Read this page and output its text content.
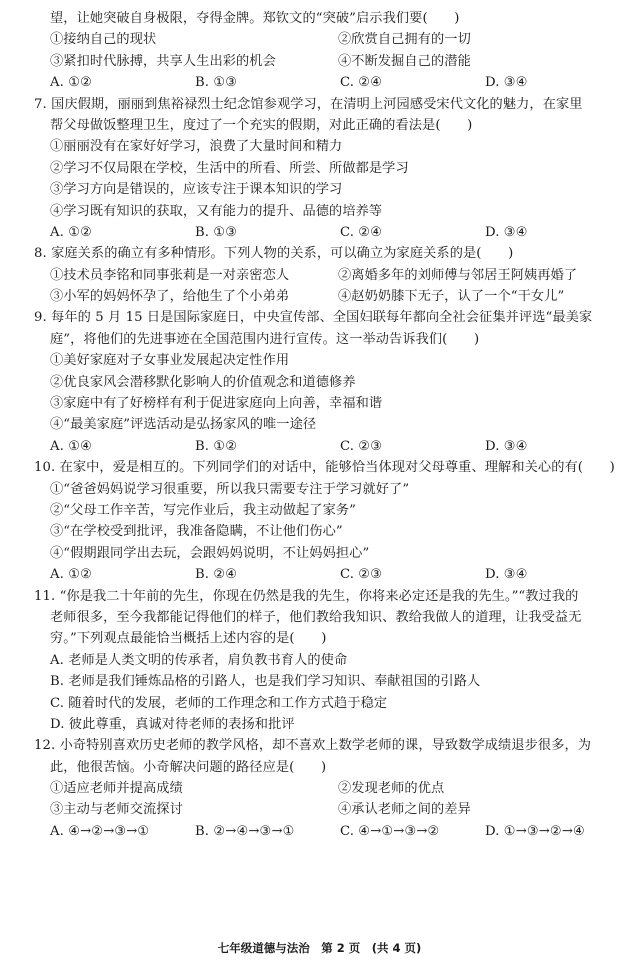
望，让她突破自身极限，夺得金牌。郑钦文的“突破”启示我们要(　　)
①接纳自己的现状	②欣赏自己拥有的一切
③紧扣时代脉搏，共享人生出彩的机会	④不断发掘自己的潜能
A. ①②	B. ①③	C. ②④	D. ③④
7. 国庆假期，丽丽到焦裕禄烈士纪念馆参观学习，在清明上河园感受宋代文化的魅力，在家里
帮父母做饭整理卫生，度过了一个充实的假期，对此正确的看法是(　　)
①丽丽没有在家好好学习，浪费了大量时间和精力
②学习不仅局限在学校，生活中的所看、所尝、所做都是学习
③学习方向是错误的，应该专注于课本知识的学习
④学习既有知识的获取，又有能力的提升、品德的培养等
A. ①②	B. ①③	C. ②④	D. ③④
8. 家庭关系的确立有多种情形。下列人物的关系，可以确立为家庭关系的是(　　)
①技术员李铭和同事张莉是一对亲密恋人	②离婚多年的刘师傅与邻居王阿姨再婚了
③小军的妈妈怀孕了，给他生了个小弟弟	④赵奶奶膝下无子，认了一个“干女儿”
9. 每年的 5 月 15 日是国际家庭日，中央宣传部、全国妇联每年都向全社会征集并评选“最美家
庭”，将他们的先进事迹在全国范围内进行宣传。这一举动告诉我们(　　)
①美好家庭对子女事业发展起决定性作用
②优良家风会潜移默化影响人的价值观念和道德修养
③家庭中有了好榜样有利于促进家庭向上向善，幸福和谐
④“最美家庭”评选活动是弘扬家风的唯一途径
A. ①④	B. ①②	C. ②③	D. ③④
10. 在家中，爱是相互的。下列同学们的对话中，能够恰当体现对父母尊重、理解和关心的有(　　)
①“爸爸妈妈说学习很重要，所以我只需要专注于学习就好了”
②“父母工作辛苦，写完作业后，我主动做起了家务”
③“在学校受到批评，我准备隐瞒，不让他们伤心”
④“假期跟同学出去玩，会跟妈妈说明，不让妈妈担心”
A. ①②	B. ②④	C. ②③	D. ③④
11. “你是我二十年前的先生，你现在仍然是我的先生，你将来必定还是我的先生。”“教过我的
老师很多，至今我都能记得他们的样子，他们教给我知识、教给我做人的道理，让我受益无
穷。”下列观点最能恰当概括上述内容的是(　　)
A. 老师是人类文明的传承者，肩负教书育人的使命
B. 老师是我们锤炼品格的引路人，也是我们学习知识、奉献祖国的引路人
C. 随着时代的发展，老师的工作理念和工作方式趋于稳定
D. 彼此尊重，真诚对待老师的表扬和批评
12. 小奇特别喜欢历史老师的教学风格，却不喜欢上数学老师的课，导致数学成绩退步很多，为
此，他很苦恼。小奇解决问题的路径应是(　　)
①适应老师并提高成绩	②发现老师的优点
③主动与老师交流探讨	④承认老师之间的差异
A. ④→②→③→①	B. ②→④→③→①	C. ④→①→③→②	D. ①→③→②→④
七年级道德与法治　第 2 页　(共 4 页)
